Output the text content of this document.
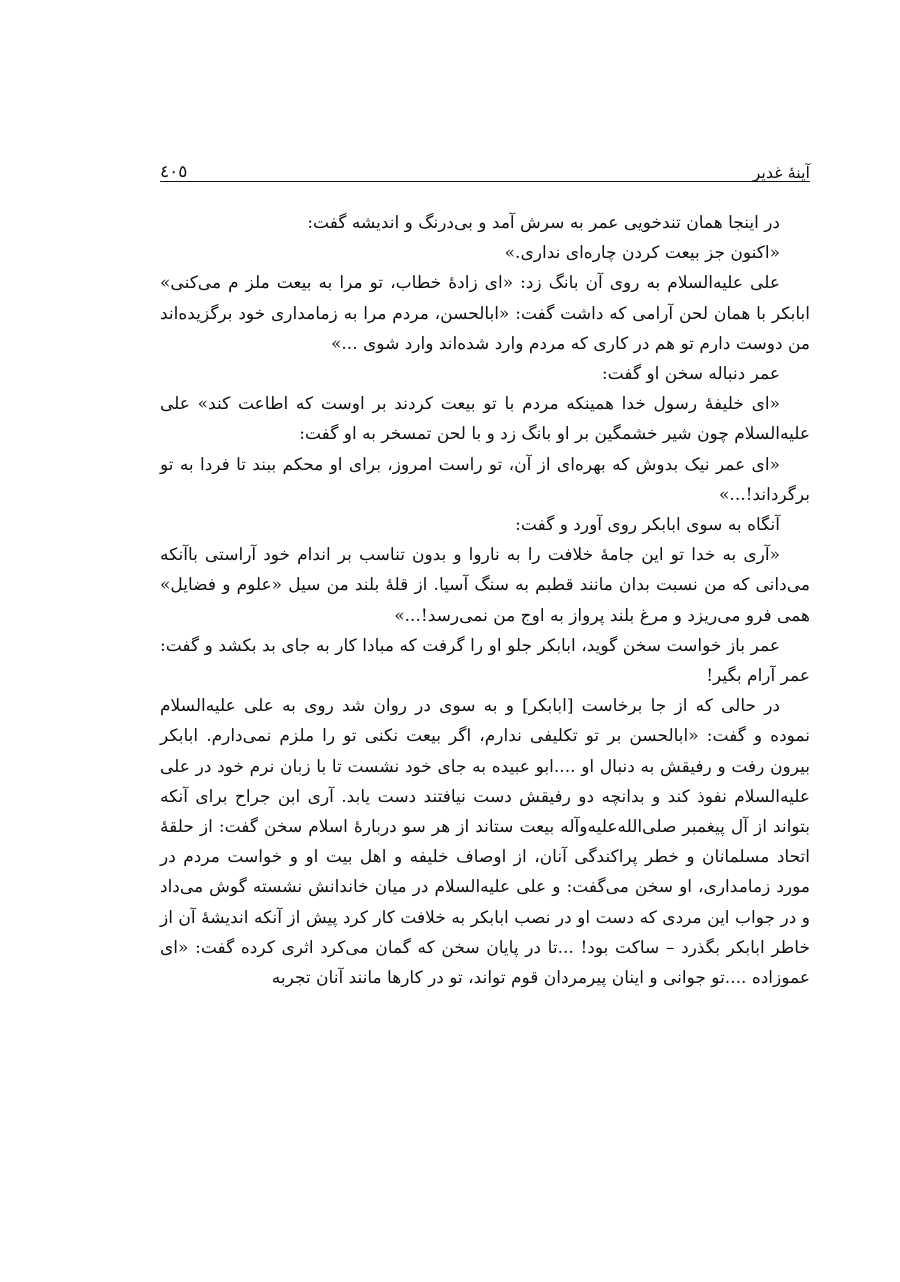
آینهٔ غدیر
٤٠٥

در اینجا همان تندخویی عمر به سرش آمد و بی‌درنگ و اندیشه گفت:

«اکنون جز بیعت کردن چاره‌ای نداری.»

علی عليه‌السلام به روی آن بانگ زد: «ای زادهٔ خطاب، تو مرا به بیعت ملز م می‌کنی» ابابکر با همان لحن آرامی که داشت گفت: «ابالحسن، مردم مرا به زمامداری خود برگزیده‌اند من دوست دارم تو هم در کاری که مردم وارد شده‌اند وارد شوی ...»

عمر دنباله سخن او گفت:

«ای خلیفهٔ رسول خدا همینکه مردم با تو بیعت کردند بر اوست که اطاعت کند» علی عليه‌السلام چون شیر خشمگین بر او بانگ زد و با لحن تمسخر به او گفت:

«ای عمر نیک بدوش که بهره‌ای از آن، تو راست امروز، برای او محکم ببند تا فردا به تو برگرداند!...»

آنگاه به سوی ابابکر روی آورد و گفت:

«آری به خدا تو این جامهٔ خلافت را به ناروا و بدون تناسب بر اندام خود آراستی باآنکه می‌دانی که من نسبت بدان مانند قطبم به سنگ آسیا. از قلهٔ بلند من سیل «علوم و فضایل» همی فرو می‌ریزد و مرغ بلند پرواز به اوج من نمی‌رسد!...»

عمر باز خواست سخن گوید، ابابکر جلو او را گرفت که مبادا کار به جای بد بکشد و گفت: عمر آرام بگیر!

در حالی که از جا برخاست [ابابکر] و به سوی در روان شد روی به علی عليه‌السلام نموده و گفت: «ابالحسن بر تو تکلیفی ندارم، اگر بیعت نکنی تو را ملزم نمی‌دارم. ابابکر بیرون رفت و رفیقش به دنبال او ....ابو عبیده به جای خود نشست تا با زبان نرم خود در علی عليه‌السلام نفوذ کند و بدانچه دو رفیقش دست نیافتند دست یابد. آری ابن جراح برای آنکه بتواند از آل پیغمبر صلی‌الله‌علیه‌وآله بیعت ستاند از هر سو دربارهٔ اسلام سخن گفت: از حلقهٔ اتحاد مسلمانان و خطر پراکندگی آنان، از اوصاف خلیفه و اهل بیت او و خواست مردم در مورد زمامداری، او سخن می‌گفت: و علی عليه‌السلام در میان خاندانش نشسته گوش می‌داد و در جواب این مردی که دست او در نصب ابابکر به خلافت کار کرد پیش از آنکه اندیشهٔ آن از خاطر ابابکر بگذرد – ساکت بود! ...تا در پایان سخن که گمان می‌کرد اثری کرده گفت: «ای عموزاده ....تو جوانی و اینان پیرمردان قوم تواند، تو در کارها مانند آنان تجربه
